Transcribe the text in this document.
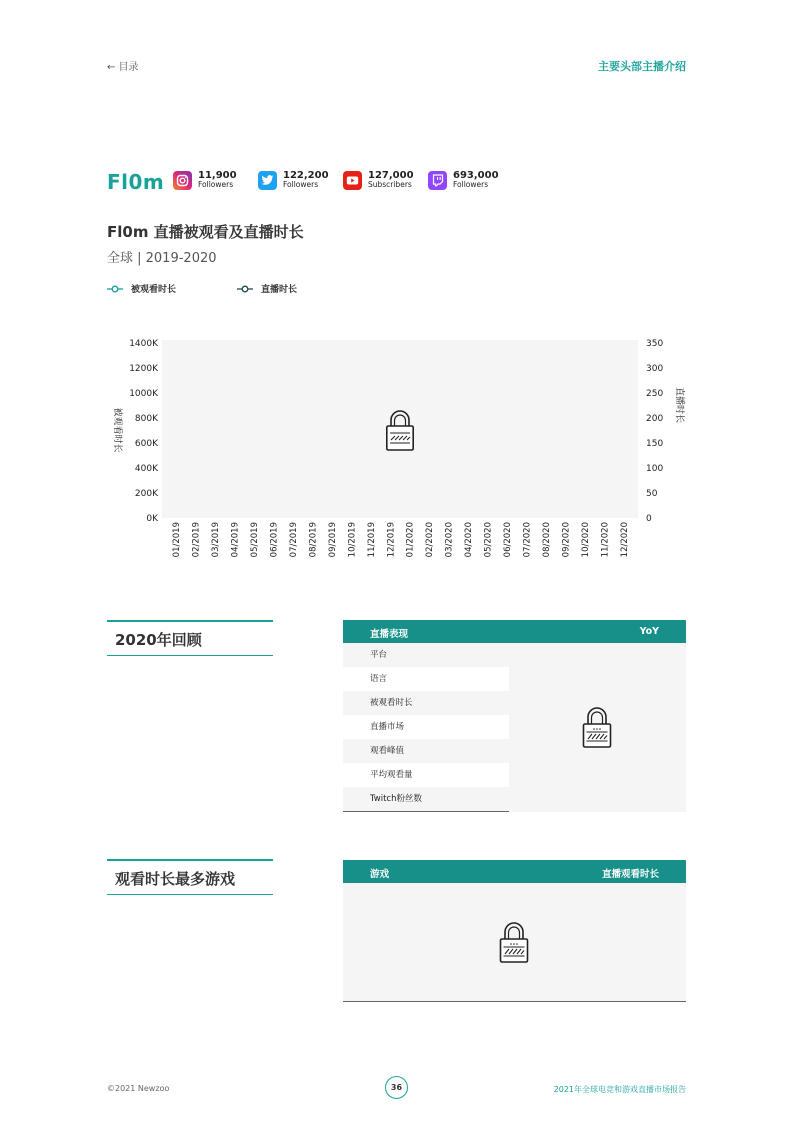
← 目录	主要头部主播介绍
Fl0m	11,900
Followers
122,200
Followers
127,000
Subscribers
693,000
Followers
Fl0m 直播被观看及直播时长
全球 | 2019-2020
被观看时长	直播时长
0K
200K
400K
600K
800K
1000K
1200K
1400K
0
50
100
150
200
250
300
350
01/2019 02/2019 03/2019 04/2019 05/2019 06/2019 07/2019 08/2019 09/2019 10/2019 11/2019 12/2019 01/2020 02/2020 03/2020 04/2020 05/2020 06/2020 07/2020 08/2020 09/2020 10/2020 11/2020 12/2020
被观看时长
直播时长
2020年回顾	直播表现	YoY
平台
语言
被观看时长
直播市场
观看峰值
平均观看量
Twitch粉丝数
观看时长最多游戏	游戏	直播观看时长
©2021 Newzoo	36	2021年全球电竞和游戏直播市场报告
